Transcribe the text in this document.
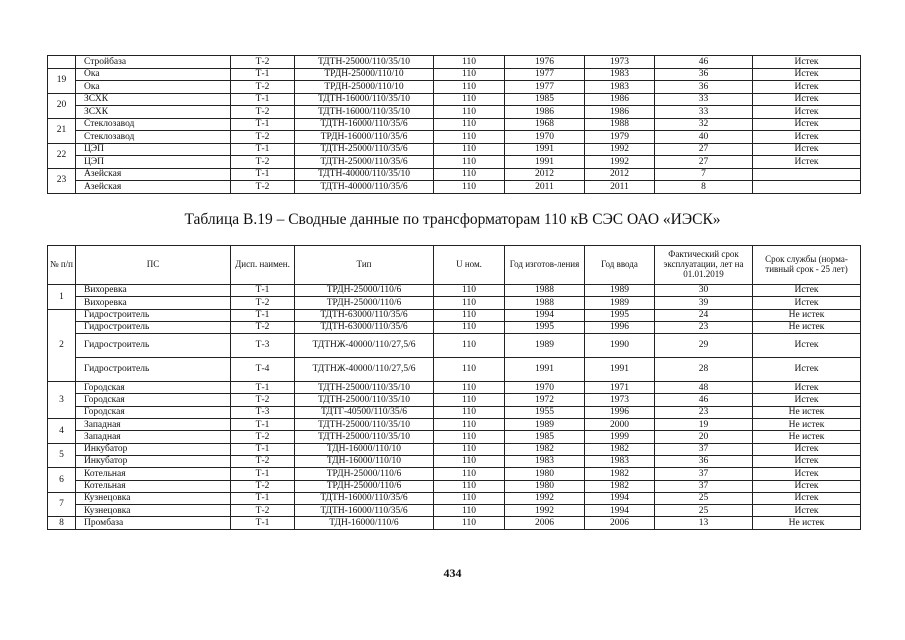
	Стройбаза	Т-2	ТДТН-25000/110/35/10	110	1976	1973	46	Истек
19	Ока	Т-1	ТРДН-25000/110/10	110	1977	1983	36	Истек
	Ока	Т-2	ТРДН-25000/110/10	110	1977	1983	36	Истек
20	ЗСХК	Т-1	ТДТН-16000/110/35/10	110	1985	1986	33	Истек
	ЗСХК	Т-2	ТДТН-16000/110/35/10	110	1986	1986	33	Истек
21	Стеклозавод	Т-1	ТДТН-16000/110/35/6	110	1968	1988	32	Истек
	Стеклозавод	Т-2	ТРДН-16000/110/35/6	110	1970	1979	40	Истек
22	ЦЭП	Т-1	ТДТН-25000/110/35/6	110	1991	1992	27	Истек
	ЦЭП	Т-2	ТДТН-25000/110/35/6	110	1991	1992	27	Истек
23	Азейская	Т-1	ТДТН-40000/110/35/10	110	2012	2012	7	
	Азейская	Т-2	ТДТН-40000/110/35/6	110	2011	2011	8	
Таблица В.19 – Сводные данные по трансформаторам 110 кВ СЭС ОАО «ИЭСК»
№ п/п	ПС	Дисп. наимен.	Тип	U ном.	Год изготов-ления	Год ввода	Фактический срок эксплуатации, лет на 01.01.2019	Срок службы (норма-тивный срок - 25 лет)
1	Вихоревка	Т-1	ТРДН-25000/110/6	110	1988	1989	30	Истек
	Вихоревка	Т-2	ТРДН-25000/110/6	110	1988	1989	39	Истек
2	Гидростроитель	Т-1	ТДТН-63000/110/35/6	110	1994	1995	24	Не истек
	Гидростроитель	Т-2	ТДТН-63000/110/35/6	110	1995	1996	23	Не истек
	Гидростроитель	Т-3	ТДТНЖ-40000/110/27,5/6	110	1989	1990	29	Истек
	Гидростроитель	Т-4	ТДТНЖ-40000/110/27,5/6	110	1991	1991	28	Истек
3	Городская	Т-1	ТДТН-25000/110/35/10	110	1970	1971	48	Истек
	Городская	Т-2	ТДТН-25000/110/35/10	110	1972	1973	46	Истек
	Городская	Т-3	ТДТГ-40500/110/35/6	110	1955	1996	23	Не истек
4	Западная	Т-1	ТДТН-25000/110/35/10	110	1989	2000	19	Не истек
	Западная	Т-2	ТДТН-25000/110/35/10	110	1985	1999	20	Не истек
5	Инкубатор	Т-1	ТДН-16000/110/10	110	1982	1982	37	Истек
	Инкубатор	Т-2	ТДН-16000/110/10	110	1983	1983	36	Истек
6	Котельная	Т-1	ТРДН-25000/110/6	110	1980	1982	37	Истек
	Котельная	Т-2	ТРДН-25000/110/6	110	1980	1982	37	Истек
7	Кузнецовка	Т-1	ТДТН-16000/110/35/6	110	1992	1994	25	Истек
	Кузнецовка	Т-2	ТДТН-16000/110/35/6	110	1992	1994	25	Истек
8	Промбаза	Т-1	ТДН-16000/110/6	110	2006	2006	13	Не истек
434
